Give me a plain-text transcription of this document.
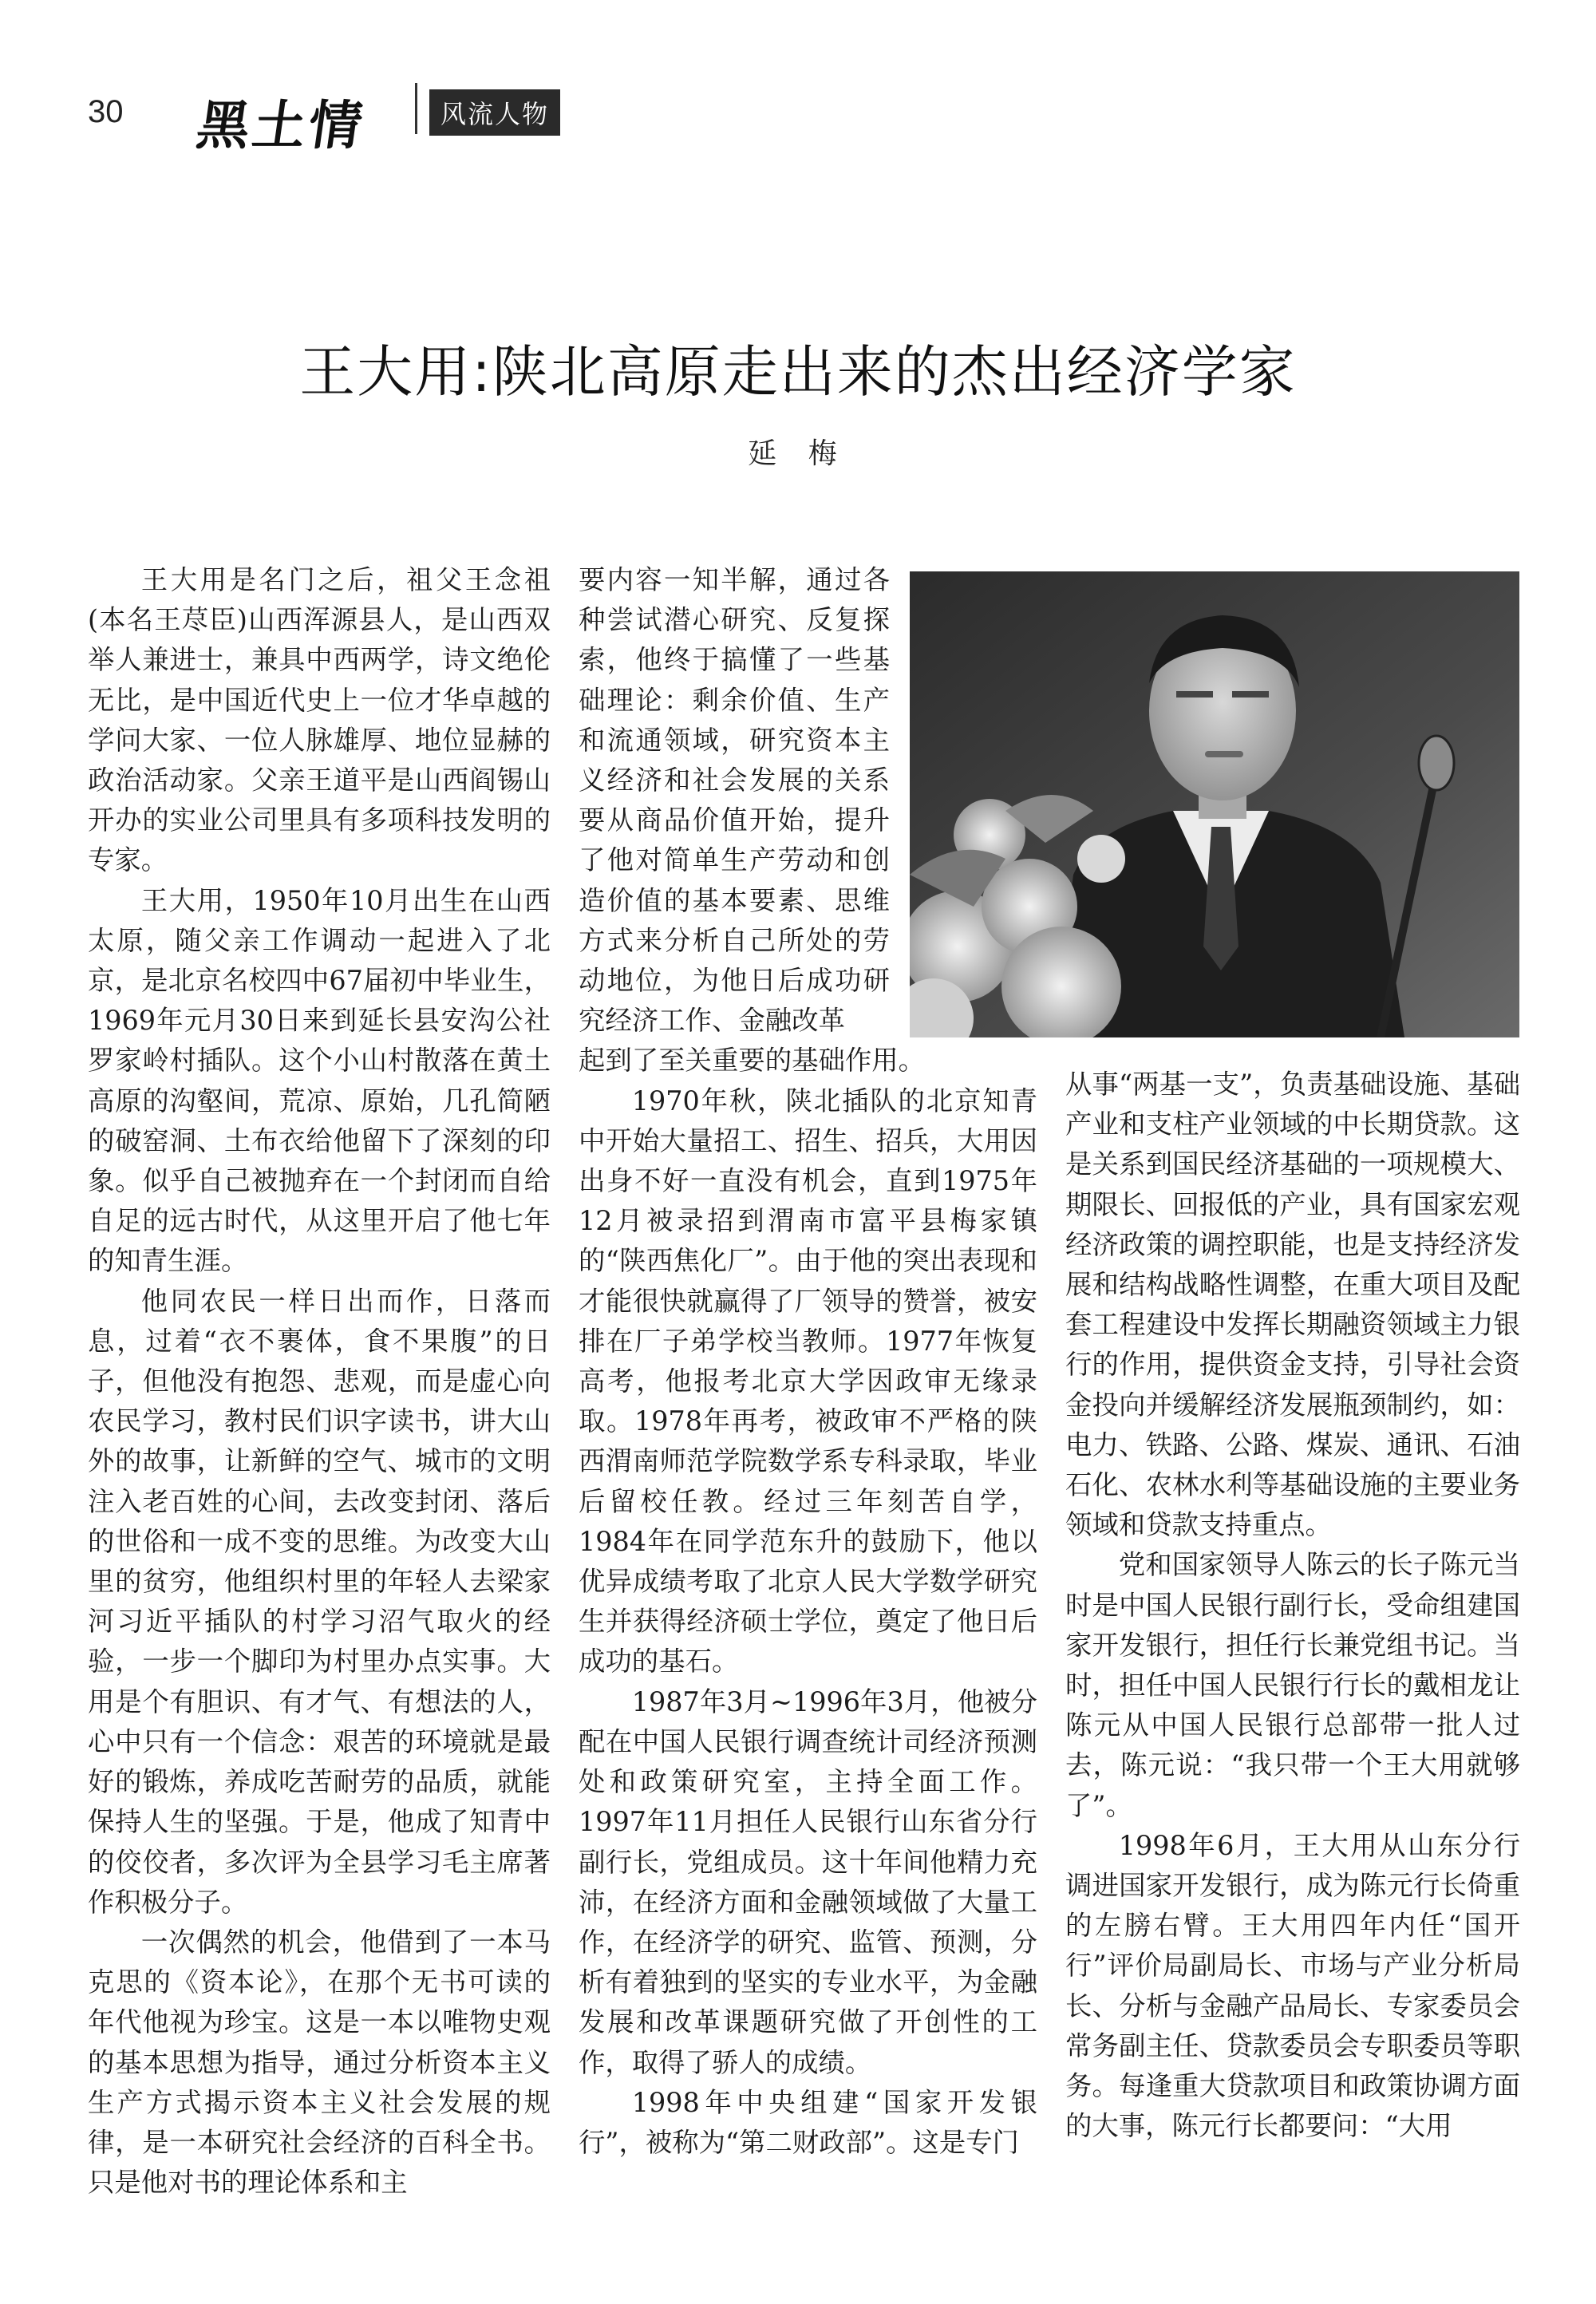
30 黑土情	风流人物
王大用:陕北高原走出来的杰出经济学家
延 梅

王大用是名门之后，祖父王念祖(本名王荩臣)山西浑源县人，是山西双举人兼进士，兼具中西两学，诗文绝伦无比，是中国近代史上一位才华卓越的学问大家、一位人脉雄厚、地位显赫的政治活动家。父亲王道平是山西阎锡山开办的实业公司里具有多项科技发明的专家。

王大用，1950年10月出生在山西太原，随父亲工作调动一起进入了北京，是北京名校四中67届初中毕业生，1969年元月30日来到延长县安沟公社罗家岭村插队。这个小山村散落在黄土高原的沟壑间，荒凉、原始，几孔简陋的破窑洞、土布衣给他留下了深刻的印象。似乎自己被抛弃在一个封闭而自给自足的远古时代，从这里开启了他七年的知青生涯。

他同农民一样日出而作，日落而息，过着“衣不裹体，食不果腹”的日子，但他没有抱怨、悲观，而是虚心向农民学习，教村民们识字读书，讲大山外的故事，让新鲜的空气、城市的文明注入老百姓的心间，去改变封闭、落后的世俗和一成不变的思维。为改变大山里的贫穷，他组织村里的年轻人去梁家河习近平插队的村学习沼气取火的经验，一步一个脚印为村里办点实事。大用是个有胆识、有才气、有想法的人，心中只有一个信念：艰苦的环境就是最好的锻炼，养成吃苦耐劳的品质，就能保持人生的坚强。于是，他成了知青中的佼佼者，多次评为全县学习毛主席著作积极分子。

一次偶然的机会，他借到了一本马克思的《资本论》，在那个无书可读的年代他视为珍宝。这是一本以唯物史观的基本思想为指导，通过分析资本主义生产方式揭示资本主义社会发展的规律，是一本研究社会经济的百科全书。只是他对书的理论体系和主

要内容一知半解，通过各种尝试潜心研究、反复探索，他终于搞懂了一些基础理论：剩余价值、生产和流通领域，研究资本主义经济和社会发展的关系要从商品价值开始，提升了他对简单生产劳动和创造价值的基本要素、思维方式来分析自己所处的劳动地位，为他日后成功研究经济工作、金融改革

起到了至关重要的基础作用。

1970年秋，陕北插队的北京知青中开始大量招工、招生、招兵，大用因出身不好一直没有机会，直到1975年12月被录招到渭南市富平县梅家镇的“陕西焦化厂”。由于他的突出表现和才能很快就赢得了厂领导的赞誉，被安排在厂子弟学校当教师。1977年恢复高考，他报考北京大学因政审无缘录取。1978年再考，被政审不严格的陕西渭南师范学院数学系专科录取，毕业后留校任教。经过三年刻苦自学，1984年在同学范东升的鼓励下，他以优异成绩考取了北京人民大学数学研究生并获得经济硕士学位，奠定了他日后成功的基石。

1987年3月~1996年3月，他被分配在中国人民银行调查统计司经济预测处和政策研究室，主持全面工作。1997年11月担任人民银行山东省分行副行长，党组成员。这十年间他精力充沛，在经济方面和金融领域做了大量工作，在经济学的研究、监管、预测，分析有着独到的坚实的专业水平，为金融发展和改革课题研究做了开创性的工作，取得了骄人的成绩。

1998年中央组建“国家开发银行”，被称为“第二财政部”。这是专门

从事“两基一支”，负责基础设施、基础产业和支柱产业领域的中长期贷款。这是关系到国民经济基础的一项规模大、期限长、回报低的产业，具有国家宏观经济政策的调控职能，也是支持经济发展和结构战略性调整，在重大项目及配套工程建设中发挥长期融资领域主力银行的作用，提供资金支持，引导社会资金投向并缓解经济发展瓶颈制约，如：电力、铁路、公路、煤炭、通讯、石油石化、农林水利等基础设施的主要业务领域和贷款支持重点。

党和国家领导人陈云的长子陈元当时是中国人民银行副行长，受命组建国家开发银行，担任行长兼党组书记。当时，担任中国人民银行行长的戴相龙让陈元从中国人民银行总部带一批人过去，陈元说：“我只带一个王大用就够了”。

1998年6月，王大用从山东分行调进国家开发银行，成为陈元行长倚重的左膀右臂。王大用四年内任“国开行”评价局副局长、市场与产业分析局长、分析与金融产品局长、专家委员会常务副主任、贷款委员会专职委员等职务。每逢重大贷款项目和政策协调方面的大事，陈元行长都要问：“大用
